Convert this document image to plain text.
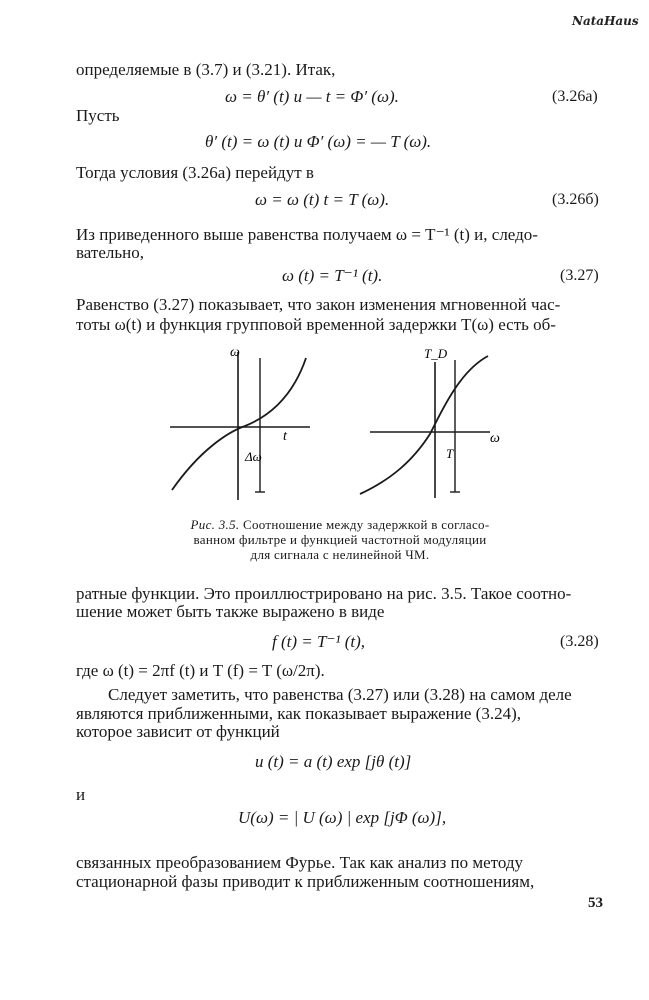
NataHaus
определяемые в (3.7) и (3.21). Итак,
ω = θ′ (t) и — t = Φ′ (ω).	(3.26а)
Пусть
θ′ (t) = ω (t) и Φ′ (ω) = — T (ω).
Тогда условия (3.26а) перейдут в
ω = ω (t) t = T (ω).	(3.26б)
Из приведенного выше равенства получаем ω = T⁻¹ (t) и, следо-
вательно,
ω (t) = T⁻¹ (t).	(3.27)
Равенство (3.27) показывает, что закон изменения мгновенной час-
тоты ω(t) и функция групповой временной задержки T(ω) есть об-
ω
t
Δω
T_D
ω
T
Рис. 3.5. Соотношение между задержкой в согласо-
ванном фильтре и функцией частотной модуляции
для сигнала с нелинейной ЧМ.
ратные функции. Это проиллюстрировано на рис. 3.5. Такое соотно-
шение может быть также выражено в виде
f (t) = T⁻¹ (t),	(3.28)
где ω (t) = 2πf (t) и T (f) = T (ω/2π).
Следует заметить, что равенства (3.27) или (3.28) на самом деле
являются приближенными, как показывает выражение (3.24),
которое зависит от функций
u (t) = a (t) exp [jθ (t)]
и
U(ω) = | U (ω) | exp [jΦ (ω)],
связанных преобразованием Фурье. Так как анализ по методу
стационарной фазы приводит к приближенным соотношениям,
53
